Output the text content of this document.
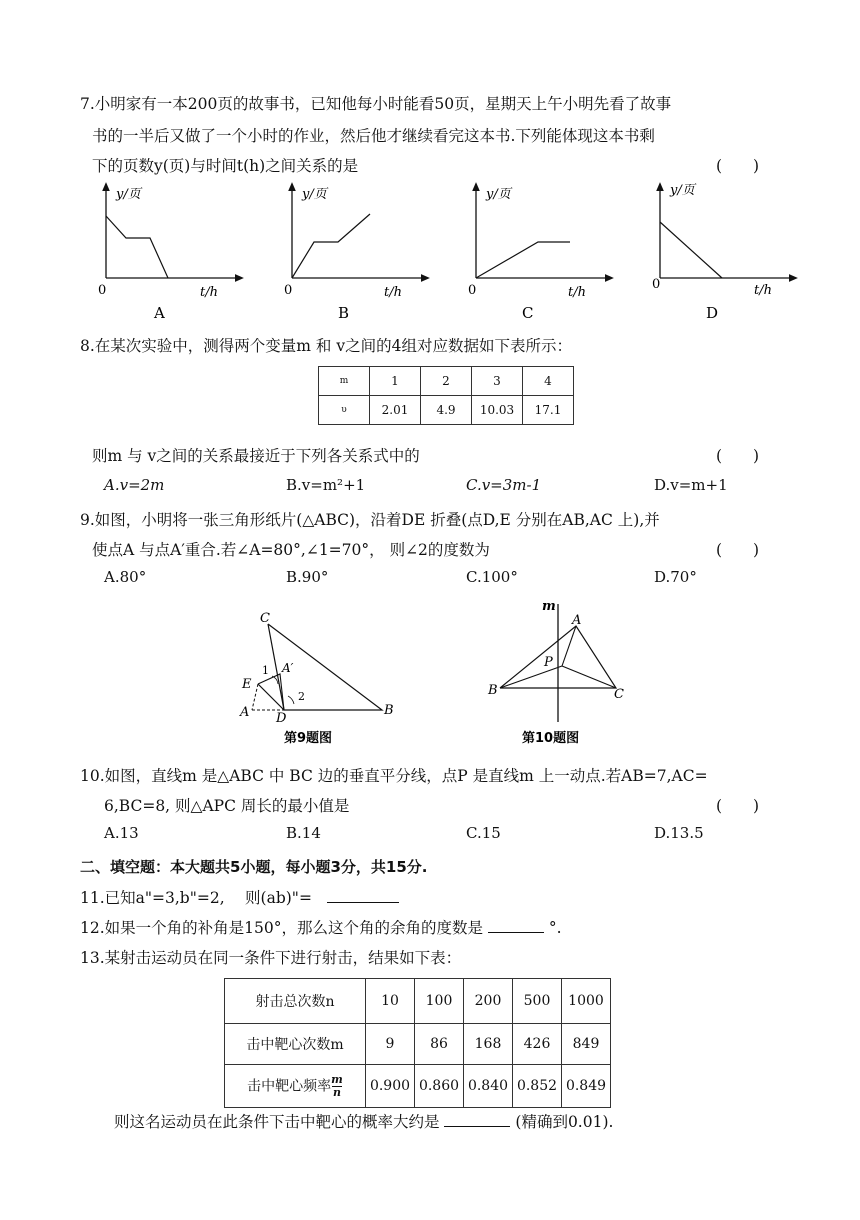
7.小明家有一本200页的故事书，已知他每小时能看50页，星期天上午小明先看了故事
书的一半后又做了一个小时的作业，然后他才继续看完这本书.下列能体现这本书剩
下的页数y(页)与时间t(h)之间关系的是	(　　)
y/页
0	t/h
A
y/页
0	t/h
B
y/页
0	t/h
C
y/页
0	t/h
D
8.在某次实验中，测得两个变量m 和 v之间的4组对应数据如下表所示：
m	1	2	3	4
υ	2.01	4.9	10.03	17.1
则m 与 v之间的关系最接近于下列各关系式中的	(　　)
A.v=2m	B.v=m²+1	C.v=3m-1	D.v=m+1
9.如图，小明将一张三角形纸片(△ABC)，沿着DE 折叠(点D,E 分别在AB,AC 上),并
使点A 与点A′重合.若∠A=80°,∠1=70°， 则∠2的度数为	(　　)
A.80°	B.90°	C.100°	D.70°
C
E
1 A′
2
A D
B
第9题图
m
A
P
B	C
第10题图
10.如图，直线m 是△ABC 中 BC 边的垂直平分线，点P 是直线m 上一动点.若AB=7,AC=
6,BC=8, 则△APC 周长的最小值是	(　　)
A.13	B.14	C.15	D.13.5
二、填空题：本大题共5小题，每小题3分，共15分.
11.已知a"=3,b"=2,　 则(ab)"=
12.如果一个角的补角是150°，那么这个角的余角的度数是	°.
13.某射击运动员在同一条件下进行射击，结果如下表：
射击总次数n	10	100	200	500	1000
击中靶心次数m	9	86	168	426	849
击中靶心频率 $\frac{m}{n}$	0.900	0.860	0.840	0.852	0.849
则这名运动员在此条件下击中靶心的概率大约是	(精确到0.01).
